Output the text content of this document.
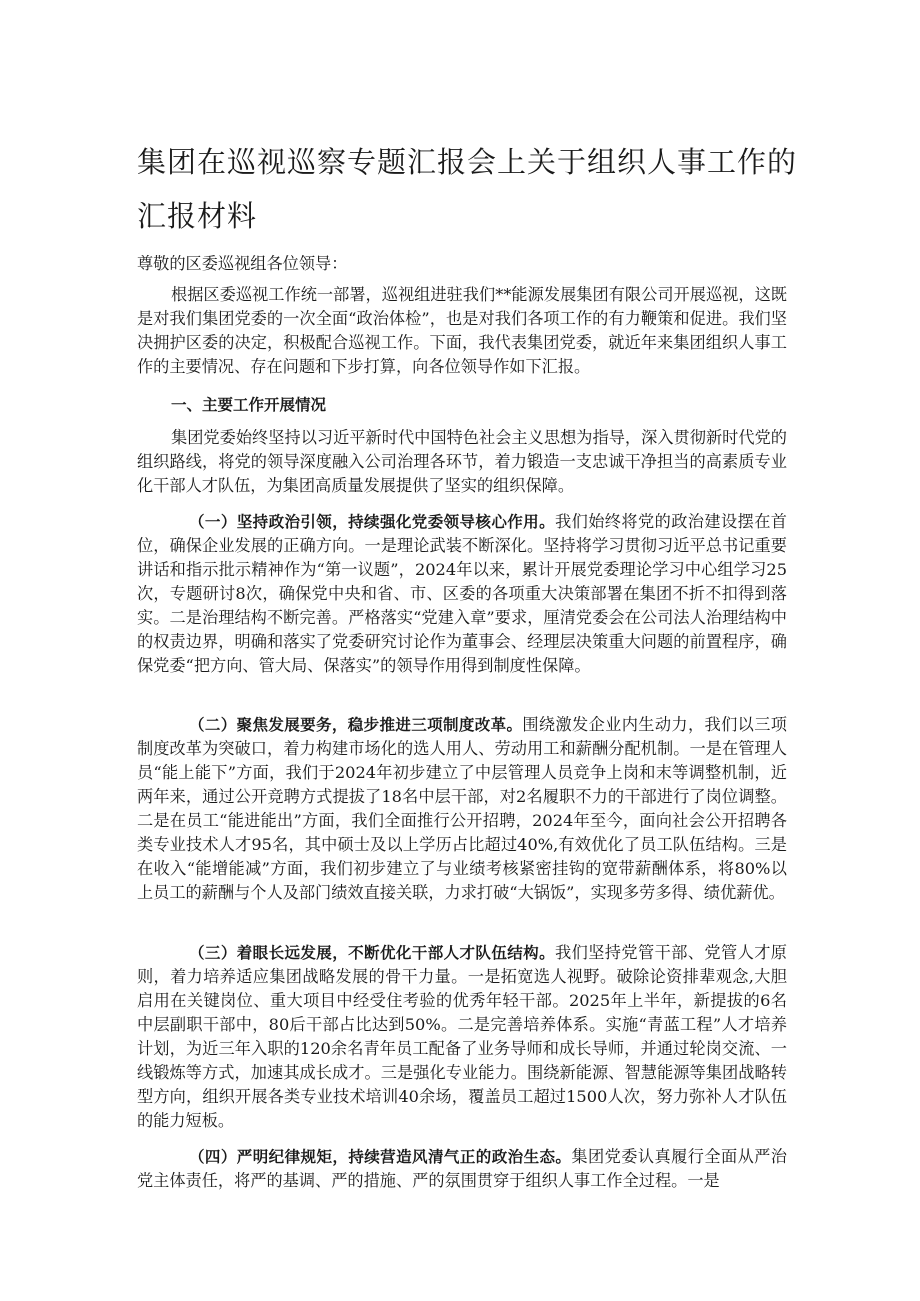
集团在巡视巡察专题汇报会上关于组织人事工作的汇报材料

尊敬的区委巡视组各位领导：

根据区委巡视工作统一部署，巡视组进驻我们**能源发展集团有限公司开展巡视，这既是对我们集团党委的一次全面“政治体检”，也是对我们各项工作的有力鞭策和促进。我们坚决拥护区委的决定，积极配合巡视工作。下面，我代表集团党委，就近年来集团组织人事工作的主要情况、存在问题和下步打算，向各位领导作如下汇报。

一、主要工作开展情况

集团党委始终坚持以习近平新时代中国特色社会主义思想为指导，深入贯彻新时代党的组织路线，将党的领导深度融入公司治理各环节，着力锻造一支忠诚干净担当的高素质专业化干部人才队伍，为集团高质量发展提供了坚实的组织保障。

（一）坚持政治引领，持续强化党委领导核心作用。我们始终将党的政治建设摆在首位，确保企业发展的正确方向。一是理论武装不断深化。坚持将学习贯彻习近平总书记重要讲话和指示批示精神作为“第一议题”，2024年以来，累计开展党委理论学习中心组学习25次，专题研讨8次，确保党中央和省、市、区委的各项重大决策部署在集团不折不扣得到落实。二是治理结构不断完善。严格落实“党建入章”要求，厘清党委会在公司法人治理结构中的权责边界，明确和落实了党委研究讨论作为董事会、经理层决策重大问题的前置程序，确保党委“把方向、管大局、保落实”的领导作用得到制度性保障。

（二）聚焦发展要务，稳步推进三项制度改革。围绕激发企业内生动力，我们以三项制度改革为突破口，着力构建市场化的选人用人、劳动用工和薪酬分配机制。一是在管理人员“能上能下”方面，我们于2024年初步建立了中层管理人员竞争上岗和末等调整机制，近两年来，通过公开竞聘方式提拔了18名中层干部，对2名履职不力的干部进行了岗位调整。二是在员工“能进能出”方面，我们全面推行公开招聘，2024年至今，面向社会公开招聘各类专业技术人才95名，其中硕士及以上学历占比超过40%,有效优化了员工队伍结构。三是在收入“能增能减”方面，我们初步建立了与业绩考核紧密挂钩的宽带薪酬体系，将80%以上员工的薪酬与个人及部门绩效直接关联，力求打破“大锅饭”，实现多劳多得、绩优薪优。

（三）着眼长远发展，不断优化干部人才队伍结构。我们坚持党管干部、党管人才原则，着力培养适应集团战略发展的骨干力量。一是拓宽选人视野。破除论资排辈观念,大胆启用在关键岗位、重大项目中经受住考验的优秀年轻干部。2025年上半年，新提拔的6名中层副职干部中，80后干部占比达到50%。二是完善培养体系。实施“青蓝工程”人才培养计划，为近三年入职的120余名青年员工配备了业务导师和成长导师，并通过轮岗交流、一线锻炼等方式，加速其成长成才。三是强化专业能力。围绕新能源、智慧能源等集团战略转型方向，组织开展各类专业技术培训40余场，覆盖员工超过1500人次，努力弥补人才队伍的能力短板。

（四）严明纪律规矩，持续营造风清气正的政治生态。集团党委认真履行全面从严治党主体责任，将严的基调、严的措施、严的氛围贯穿于组织人事工作全过程。一是
